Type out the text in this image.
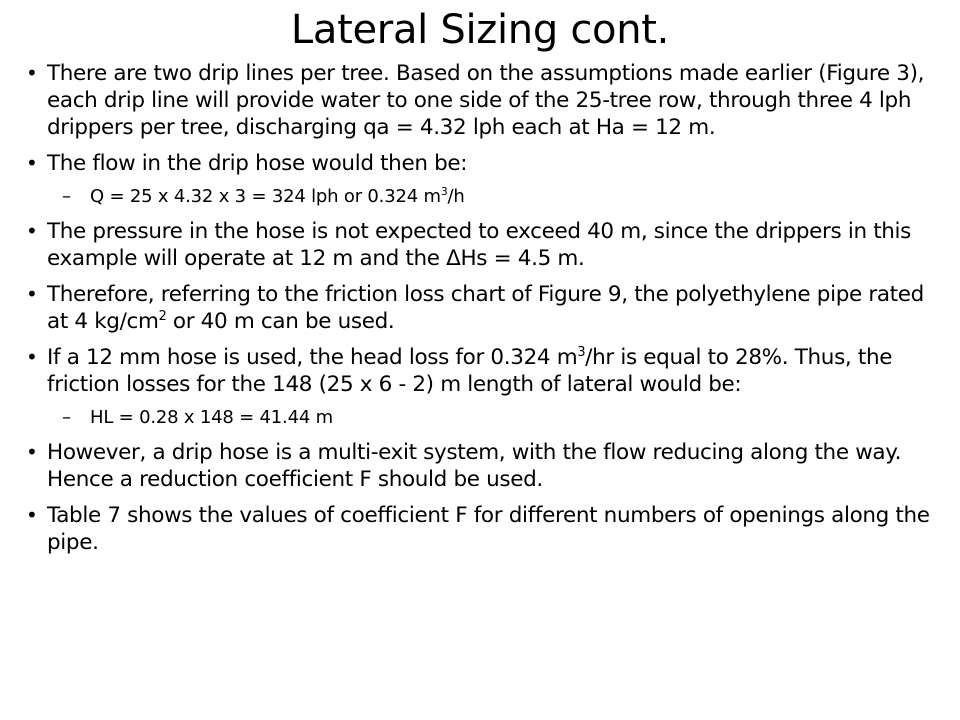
Lateral Sizing cont.
• There are two drip lines per tree. Based on the assumptions made earlier (Figure 3), each drip line will provide water to one side of the 25-tree row, through three 4 lph drippers per tree, discharging qa = 4.32 lph each at Ha = 12 m.
• The flow in the drip hose would then be:
– Q = 25 x 4.32 x 3 = 324 lph or 0.324 $m^3/h$
• The pressure in the hose is not expected to exceed 40 m, since the drippers in this example will operate at 12 m and the ΔHs = 4.5 m.
• Therefore, referring to the friction loss chart of Figure 9, the polyethylene pipe rated at 4 $kg/cm^2$ or 40 m can be used.
• If a 12 mm hose is used, the head loss for 0.324 $m^3/hr$ is equal to 28%. Thus, the friction losses for the 148 (25 x 6 - 2) m length of lateral would be:
– HL = 0.28 x 148 = 41.44 m
• However, a drip hose is a multi-exit system, with the flow reducing along the way. Hence a reduction coefficient F should be used.
• Table 7 shows the values of coefficient F for different numbers of openings along the pipe.
